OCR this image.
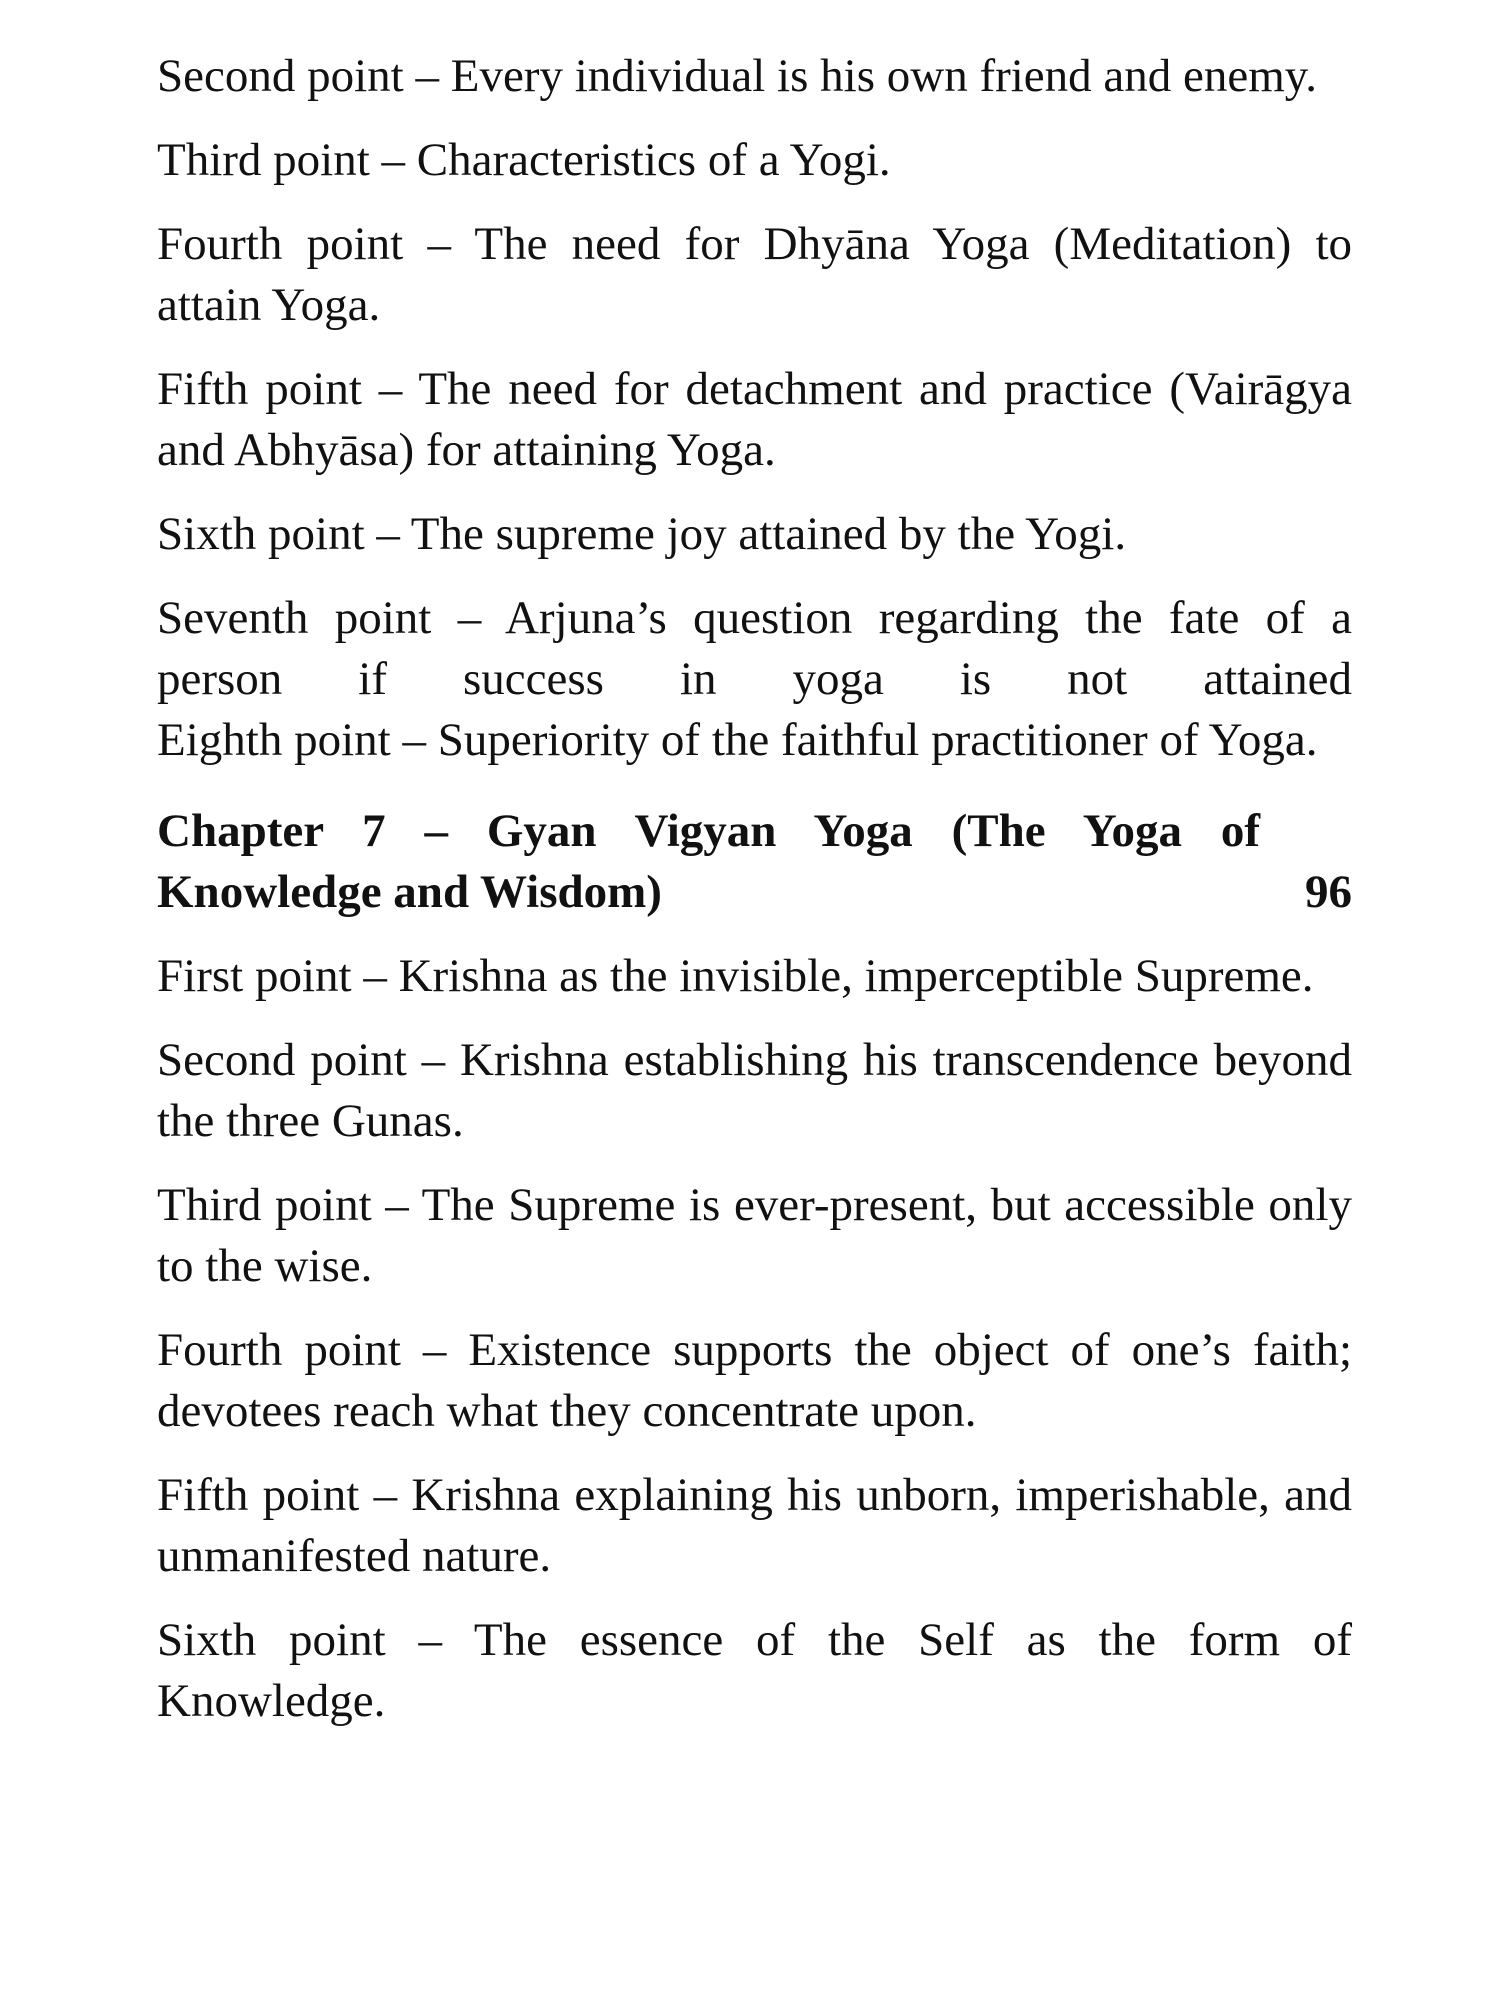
Second point – Every individual is his own friend and enemy.

Third point – Characteristics of a Yogi.

Fourth point – The need for Dhyāna Yoga (Meditation) to attain Yoga.

Fifth point – The need for detachment and practice (Vairāgya and Abhyāsa) for attaining Yoga.

Sixth point – The supreme joy attained by the Yogi.

Seventh point – Arjuna’s question regarding the fate of a person if success in yoga is not attained

Eighth point – Superiority of the faithful practitioner of Yoga.

Chapter 7 – Gyan Vigyan Yoga (The Yoga of
Knowledge and Wisdom)	96

First point – Krishna as the invisible, imperceptible Supreme.

Second point – Krishna establishing his transcendence beyond the three Gunas.

Third point – The Supreme is ever-present, but accessible only to the wise.

Fourth point – Existence supports the object of one’s faith; devotees reach what they concentrate upon.

Fifth point – Krishna explaining his unborn, imperishable, and unmanifested nature.

Sixth point – The essence of the Self as the form of Knowledge.
